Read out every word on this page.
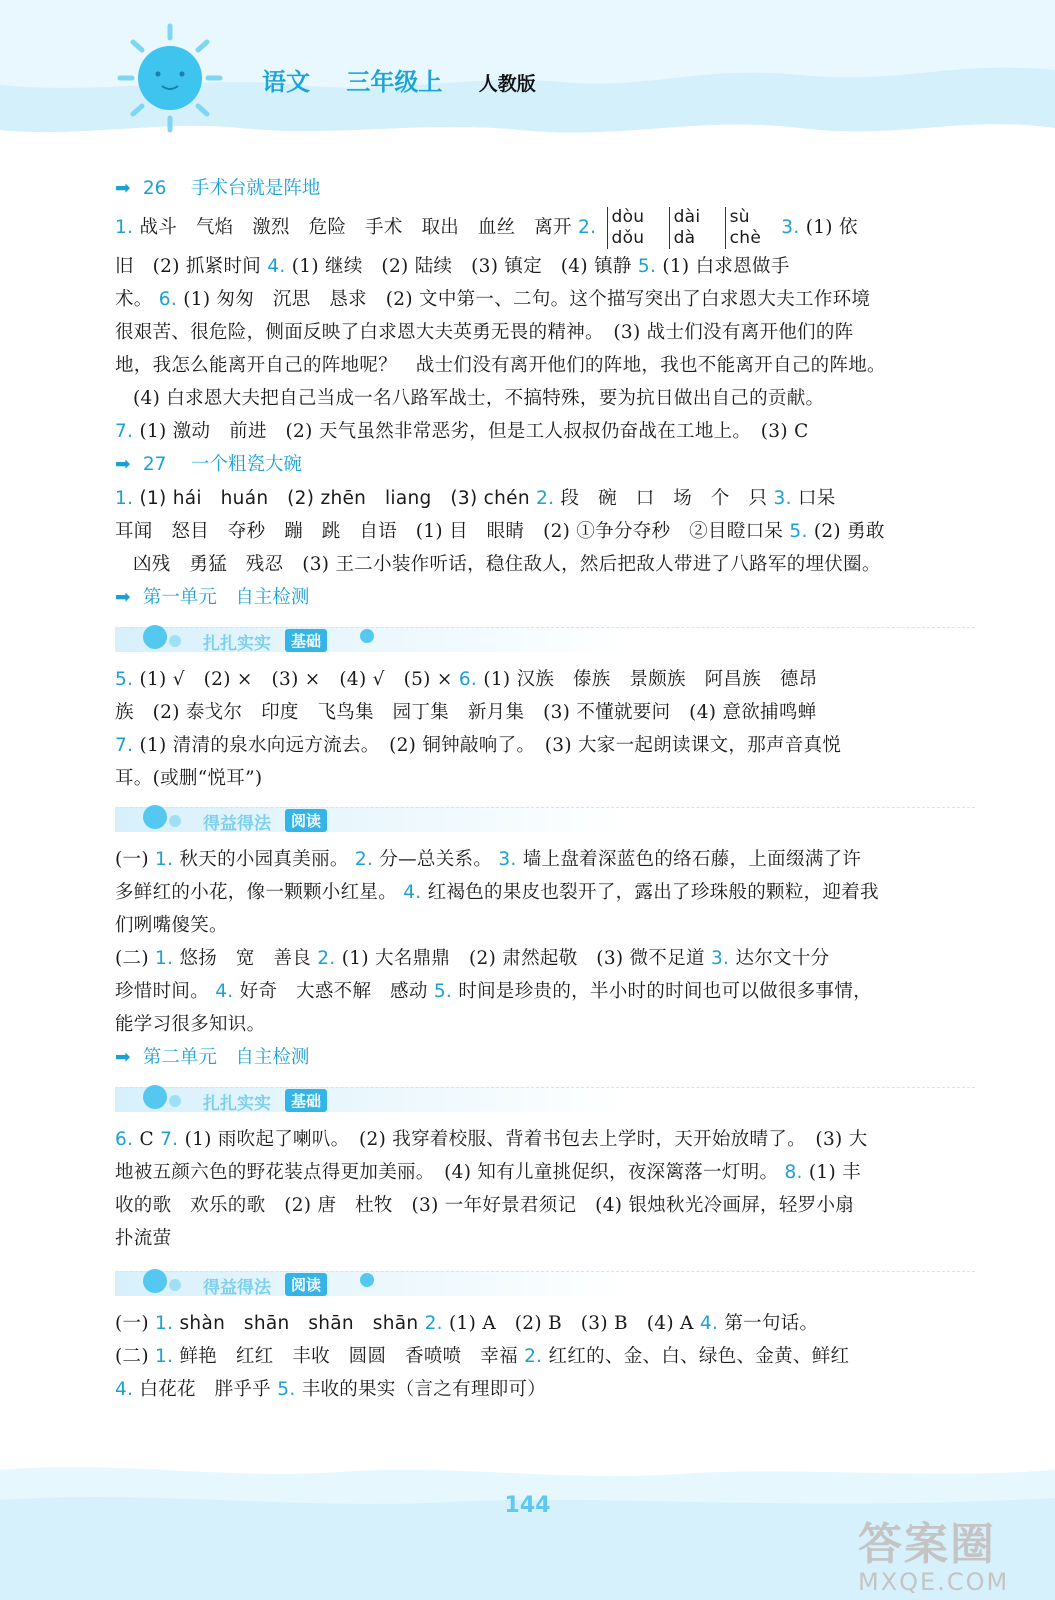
语文 三年级上 人教版
➡ 26　 手术台就是阵地
1. 战斗　气焰　激烈　危险　手术　取出　血丝　离开 2. dòu
dǒu

dài
dà

sù
chè 3. (1) 依
旧　(2) 抓紧时间 4. (1) 继续　(2) 陆续　(3) 镇定　(4) 镇静 5. (1) 白求恩做手
术。 6. (1) 匆匆　沉思　恳求　(2) 文中第一、二句。这个描写突出了白求恩大夫工作环境
很艰苦、很危险，侧面反映了白求恩大夫英勇无畏的精神。　(3) 战士们没有离开他们的阵
地，我怎么能离开自己的阵地呢？　战士们没有离开他们的阵地，我也不能离开自己的阵地。
(4) 白求恩大夫把自己当成一名八路军战士，不搞特殊，要为抗日做出自己的贡献。
7. (1) 激动　前进　(2) 天气虽然非常恶劣，但是工人叔叔仍奋战在工地上。　(3) C
➡ 27　 一个粗瓷大碗
1. (1) hái　huán　(2) zhēn　liang　(3) chén 2. 段　碗　口　场　个　只 3. 口呆
耳闻　怒目　夺秒　蹦　跳　自语　(1) 目　眼睛　(2) ①争分夺秒　②目瞪口呆 5. (2) 勇敢
凶残　勇猛　残忍　(3) 王二小装作听话，稳住敌人，然后把敌人带进了八路军的埋伏圈。
➡ 第一单元　自主检测
扎扎实实	基础
5. (1) √　(2) ×　(3) ×　(4) √　(5) × 6. (1) 汉族　傣族　景颇族　阿昌族　德昂
族　(2) 泰戈尔　印度　飞鸟集　园丁集　新月集　(3) 不懂就要问　(4) 意欲捕鸣蝉
7. (1) 清清的泉水向远方流去。　(2) 铜钟敲响了。　(3) 大家一起朗读课文，那声音真悦
耳。(或删“悦耳”)
得益得法	阅读
(一) 1. 秋天的小园真美丽。 2. 分—总关系。 3. 墙上盘着深蓝色的络石藤，上面缀满了许
多鲜红的小花，像一颗颗小红星。 4. 红褐色的果皮也裂开了，露出了珍珠般的颗粒，迎着我
们咧嘴傻笑。
(二) 1. 悠扬　宽　善良 2. (1) 大名鼎鼎　(2) 肃然起敬　(3) 微不足道 3. 达尔文十分
珍惜时间。 4. 好奇　大惑不解　感动 5. 时间是珍贵的，半小时的时间也可以做很多事情，
能学习很多知识。
➡ 第二单元　自主检测
扎扎实实	基础
6. C 7. (1) 雨吹起了喇叭。　(2) 我穿着校服、背着书包去上学时，天开始放晴了。　(3) 大
地被五颜六色的野花装点得更加美丽。　(4) 知有儿童挑促织，夜深篱落一灯明。 8. (1) 丰
收的歌　欢乐的歌　(2) 唐　杜牧　(3) 一年好景君须记　(4) 银烛秋光冷画屏，轻罗小扇
扑流萤
得益得法	阅读
(一) 1. shàn　shān　shān　shān 2. (1) A　(2) B　(3) B　(4) A 4. 第一句话。
(二) 1. 鲜艳　红红　丰收　圆圆　香喷喷　幸福 2. 红红的、金、白、绿色、金黄、鲜红
4. 白花花　胖乎乎 5. 丰收的果实（言之有理即可）
144
答案圈
MXQE.COM
